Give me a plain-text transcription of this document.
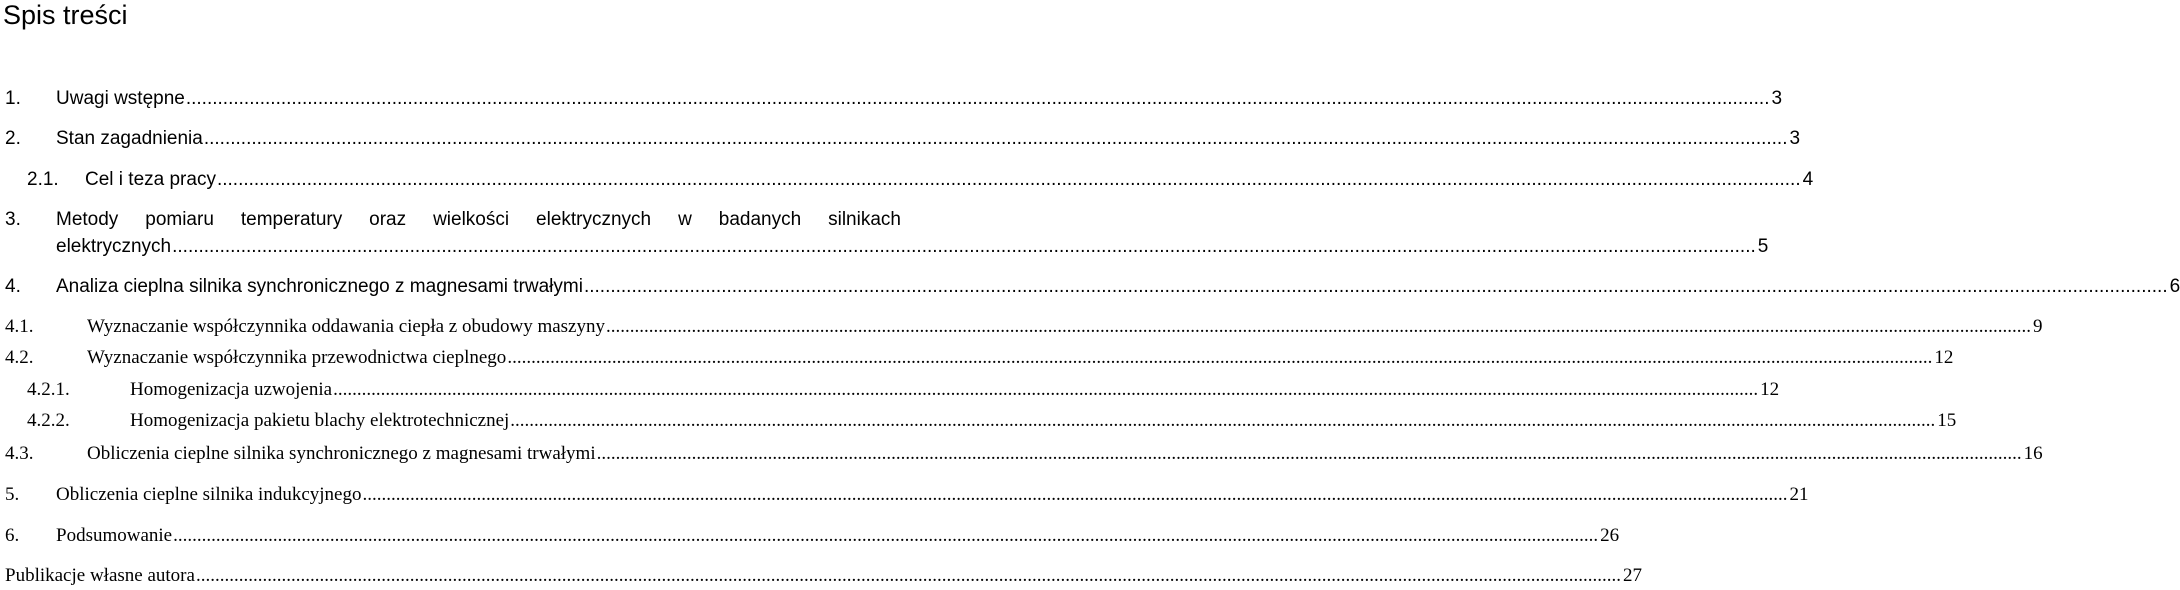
Spis treści
1. Uwagi wstępne ............................................................................................................................................................................................................................................................................................................ 3
2. Stan zagadnienia ............................................................................................................................................................................................................................................................................................................ 3
2.1. Cel i teza pracy ............................................................................................................................................................................................................................................................................................................ 4
3. Metody pomiaru temperatury oraz wielkości elektrycznych w badanych silnikach
elektrycznych ............................................................................................................................................................................................................................................................................................................ 5
4. Analiza cieplna silnika synchronicznego z magnesami trwałymi ............................................................................................................................................................................................................................................................................................................ 6
4.1.	Wyznaczanie współczynnika oddawania ciepła z obudowy maszyny ............................................................................................................................................................................................................................................................................................................ 9
4.2.	Wyznaczanie współczynnika przewodnictwa cieplnego ............................................................................................................................................................................................................................................................................................................ 12
4.2.1.	Homogenizacja uzwojenia ............................................................................................................................................................................................................................................................................................................ 12
4.2.2.	Homogenizacja pakietu blachy elektrotechnicznej ............................................................................................................................................................................................................................................................................................................ 15
4.3.	Obliczenia cieplne silnika synchronicznego z magnesami trwałymi ............................................................................................................................................................................................................................................................................................................ 16
5. Obliczenia cieplne silnika indukcyjnego ............................................................................................................................................................................................................................................................................................................ 21
6. Podsumowanie ............................................................................................................................................................................................................................................................................................................ 26
Publikacje własne autora ............................................................................................................................................................................................................................................................................................................ 27
